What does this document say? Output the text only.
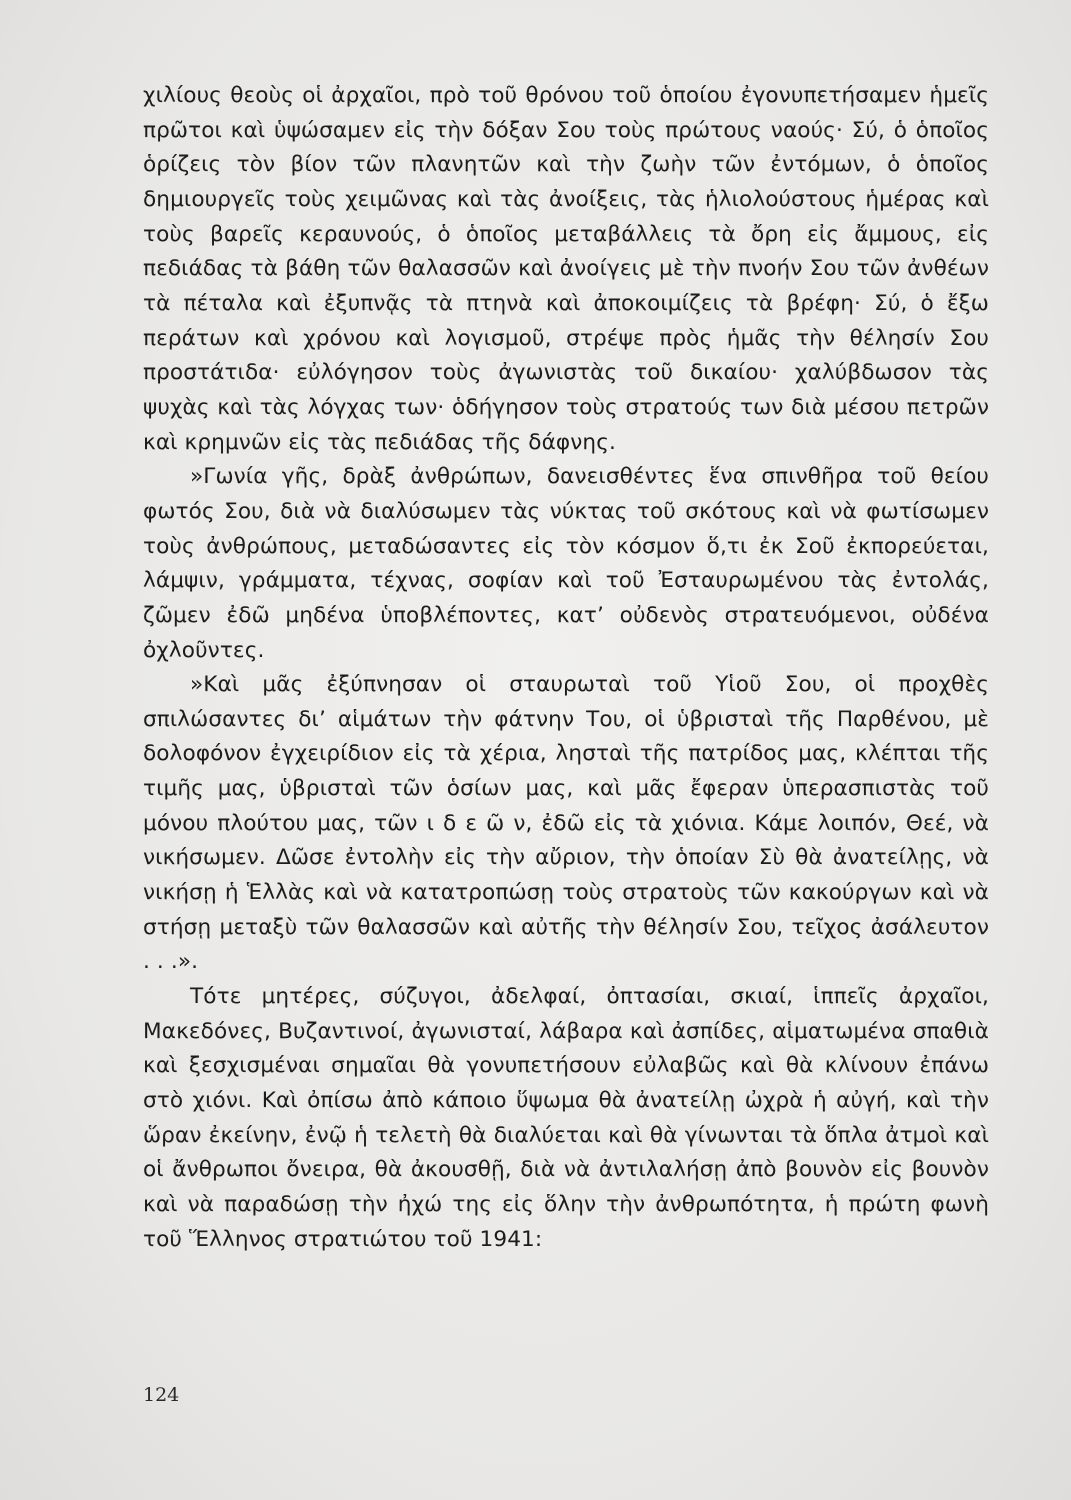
χιλίους θεοὺς οἱ ἀρχαῖοι, πρὸ τοῦ θρόνου τοῦ ὁποίου ἐγονυπετήσαμεν ἡμεῖς πρῶτοι καὶ ὑψώσαμεν εἰς τὴν δόξαν Σου τοὺς πρώτους ναούς· Σύ, ὁ ὁποῖος ὁρίζεις τὸν βίον τῶν πλανητῶν καὶ τὴν ζωὴν τῶν ἐντόμων, ὁ ὁποῖος δημιουργεῖς τοὺς χειμῶνας καὶ τὰς ἀνοίξεις, τὰς ἡλιολούστους ἡμέρας καὶ τοὺς βαρεῖς κεραυνούς, ὁ ὁποῖος μεταβάλλεις τὰ ὄρη εἰς ἄμμους, εἰς πεδιάδας τὰ βάθη τῶν θαλασσῶν καὶ ἀνοίγεις μὲ τὴν πνοήν Σου τῶν ἀνθέων τὰ πέταλα καὶ ἐξυπνᾷς τὰ πτηνὰ καὶ ἀποκοιμίζεις τὰ βρέφη· Σύ, ὁ ἔξω περάτων καὶ χρόνου καὶ λογισμοῦ, στρέψε πρὸς ἡμᾶς τὴν θέλησίν Σου προστάτιδα· εὐλόγησον τοὺς ἀγωνιστὰς τοῦ δικαίου· χαλύβδωσον τὰς ψυχὰς καὶ τὰς λόγχας των· ὁδήγησον τοὺς στρατούς των διὰ μέσου πετρῶν καὶ κρημνῶν εἰς τὰς πεδιάδας τῆς δάφνης.

»Γωνία γῆς, δρὰξ ἀνθρώπων, δανεισθέντες ἕνα σπινθῆρα τοῦ θείου φωτός Σου, διὰ νὰ διαλύσωμεν τὰς νύκτας τοῦ σκότους καὶ νὰ φωτίσωμεν τοὺς ἀνθρώπους, μεταδώσαντες εἰς τὸν κόσμον ὅ,τι ἐκ Σοῦ ἐκπορεύεται, λάμψιν, γράμματα, τέχνας, σοφίαν καὶ τοῦ Ἐσταυρωμένου τὰς ἐντολάς, ζῶμεν ἐδῶ μηδένα ὑποβλέποντες, κατ’ οὐδενὸς στρατευόμενοι, οὐδένα ὀχλοῦντες.

»Καὶ μᾶς ἐξύπνησαν οἱ σταυρωταὶ τοῦ Υἱοῦ Σου, οἱ προχθὲς σπιλώσαντες δι’ αἱμάτων τὴν φάτνην Του, οἱ ὑβρισταὶ τῆς Παρθένου, μὲ δολοφόνον ἐγχειρίδιον εἰς τὰ χέρια, λησταὶ τῆς πατρίδος μας, κλέπται τῆς τιμῆς μας, ὑβρισταὶ τῶν ὁσίων μας, καὶ μᾶς ἔφεραν ὑπερασπιστὰς τοῦ μόνου πλούτου μας, τῶν ι δ ε ῶ ν, ἐδῶ εἰς τὰ χιόνια. Κάμε λοιπόν, Θεέ, νὰ νικήσωμεν. Δῶσε ἐντολὴν εἰς τὴν αὔριον, τὴν ὁποίαν Σὺ θὰ ἀνατείλῃς, νὰ νικήσῃ ἡ Ἑλλὰς καὶ νὰ κατατροπώσῃ τοὺς στρατοὺς τῶν κακούργων καὶ νὰ στήσῃ μεταξὺ τῶν θαλασσῶν καὶ αὐτῆς τὴν θέλησίν Σου, τεῖχος ἀσάλευτον . . .».

Τότε μητέρες, σύζυγοι, ἀδελφαί, ὀπτασίαι, σκιαί, ἱππεῖς ἀρχαῖοι, Μακεδόνες, Βυζαντινοί, ἀγωνισταί, λάβαρα καὶ ἀσπίδες, αἱματωμένα σπαθιὰ καὶ ξεσχισμέναι σημαῖαι θὰ γονυπετήσουν εὐλαβῶς καὶ θὰ κλίνουν ἐπάνω στὸ χιόνι. Καὶ ὀπίσω ἀπὸ κάποιο ὕψωμα θὰ ἀνατείλῃ ὠχρὰ ἡ αὐγή, καὶ τὴν ὥραν ἐκείνην, ἐνῷ ἡ τελετὴ θὰ διαλύεται καὶ θὰ γίνωνται τὰ ὅπλα ἀτμοὶ καὶ οἱ ἄνθρωποι ὄνειρα, θὰ ἀκουσθῇ, διὰ νὰ ἀντιλαλήσῃ ἀπὸ βουνὸν εἰς βουνὸν καὶ νὰ παραδώσῃ τὴν ἠχώ της εἰς ὅλην τὴν ἀνθρωπότητα, ἡ πρώτη φωνὴ τοῦ Ἕλληνος στρατιώτου τοῦ 1941:

124
